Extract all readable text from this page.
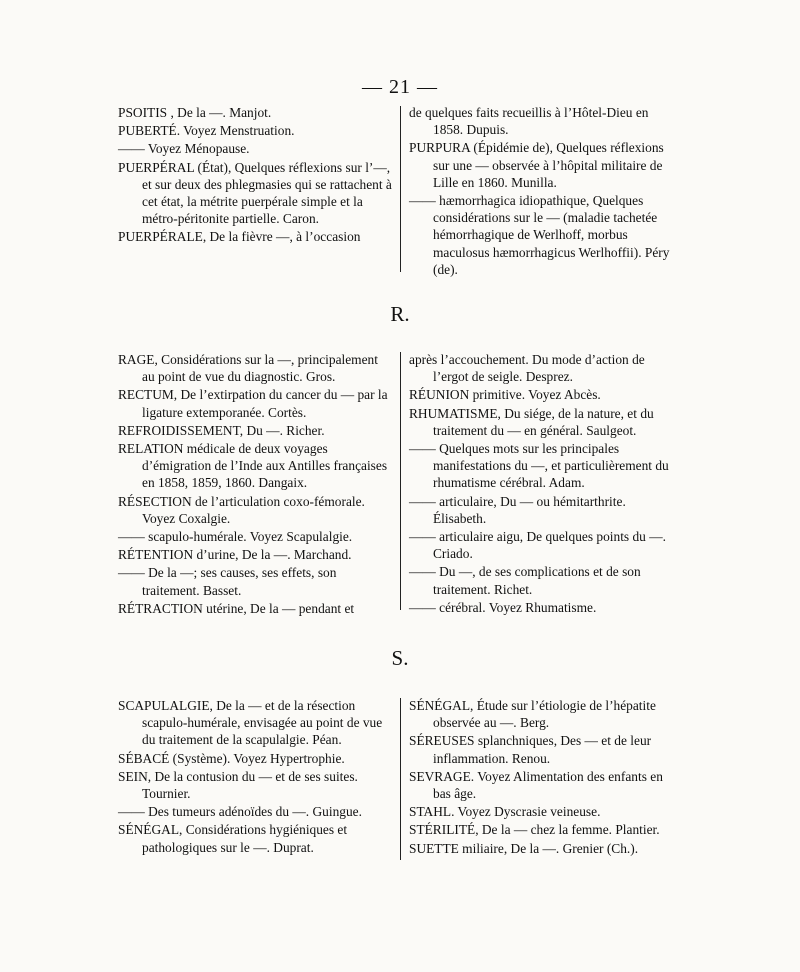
— 21 —
PSOITIS , De la —. Manjot.
PUBERTÉ. Voyez Menstruation.
—— Voyez Ménopause.
PUERPÉRAL (État), Quelques réflexions sur l’—, et sur deux des phlegmasies qui se rattachent à cet état, la métrite puerpérale simple et la métro-péritonite partielle. Caron.
PUERPÉRALE, De la fièvre —, à l’occasion
de quelques faits recueillis à l’Hôtel-Dieu en 1858. Dupuis.
PURPURA (Épidémie de), Quelques réflexions sur une — observée à l’hôpital militaire de Lille en 1860. Munilla.
—— hæmorrhagica idiopathique, Quelques considérations sur le — (maladie tachetée hémorrhagique de Werlhoff, morbus maculosus hæmorrhagicus Werlhoffii). Péry (de).
R.
RAGE, Considérations sur la —, principalement au point de vue du diagnostic. Gros.
RECTUM, De l’extirpation du cancer du — par la ligature extemporanée. Cortès.
REFROIDISSEMENT, Du —. Richer.
RELATION médicale de deux voyages d’émigration de l’Inde aux Antilles françaises en 1858, 1859, 1860. Dangaix.
RÉSECTION de l’articulation coxo-fémorale. Voyez Coxalgie.
—— scapulo-humérale. Voyez Scapulalgie.
RÉTENTION d’urine, De la —. Marchand.
—— De la —; ses causes, ses effets, son traitement. Basset.
RÉTRACTION utérine, De la — pendant et
après l’accouchement. Du mode d’action de l’ergot de seigle. Desprez.
RÉUNION primitive. Voyez Abcès.
RHUMATISME, Du siége, de la nature, et du traitement du — en général. Saulgeot.
—— Quelques mots sur les principales manifestations du —, et particulièrement du rhumatisme cérébral. Adam.
—— articulaire, Du — ou hémitarthrite. Élisabeth.
—— articulaire aigu, De quelques points du —. Criado.
—— Du —, de ses complications et de son traitement. Richet.
—— cérébral. Voyez Rhumatisme.
S.
SCAPULALGIE, De la — et de la résection scapulo-humérale, envisagée au point de vue du traitement de la scapulalgie. Péan.
SÉBACÉ (Système). Voyez Hypertrophie.
SEIN, De la contusion du — et de ses suites. Tournier.
—— Des tumeurs adénoïdes du —. Guingue.
SÉNÉGAL, Considérations hygiéniques et pathologiques sur le —. Duprat.
SÉNÉGAL, Étude sur l’étiologie de l’hépatite observée au —. Berg.
SÉREUSES splanchniques, Des — et de leur inflammation. Renou.
SEVRAGE. Voyez Alimentation des enfants en bas âge.
STAHL. Voyez Dyscrasie veineuse.
STÉRILITÉ, De la — chez la femme. Plantier.
SUETTE miliaire, De la —. Grenier (Ch.).
